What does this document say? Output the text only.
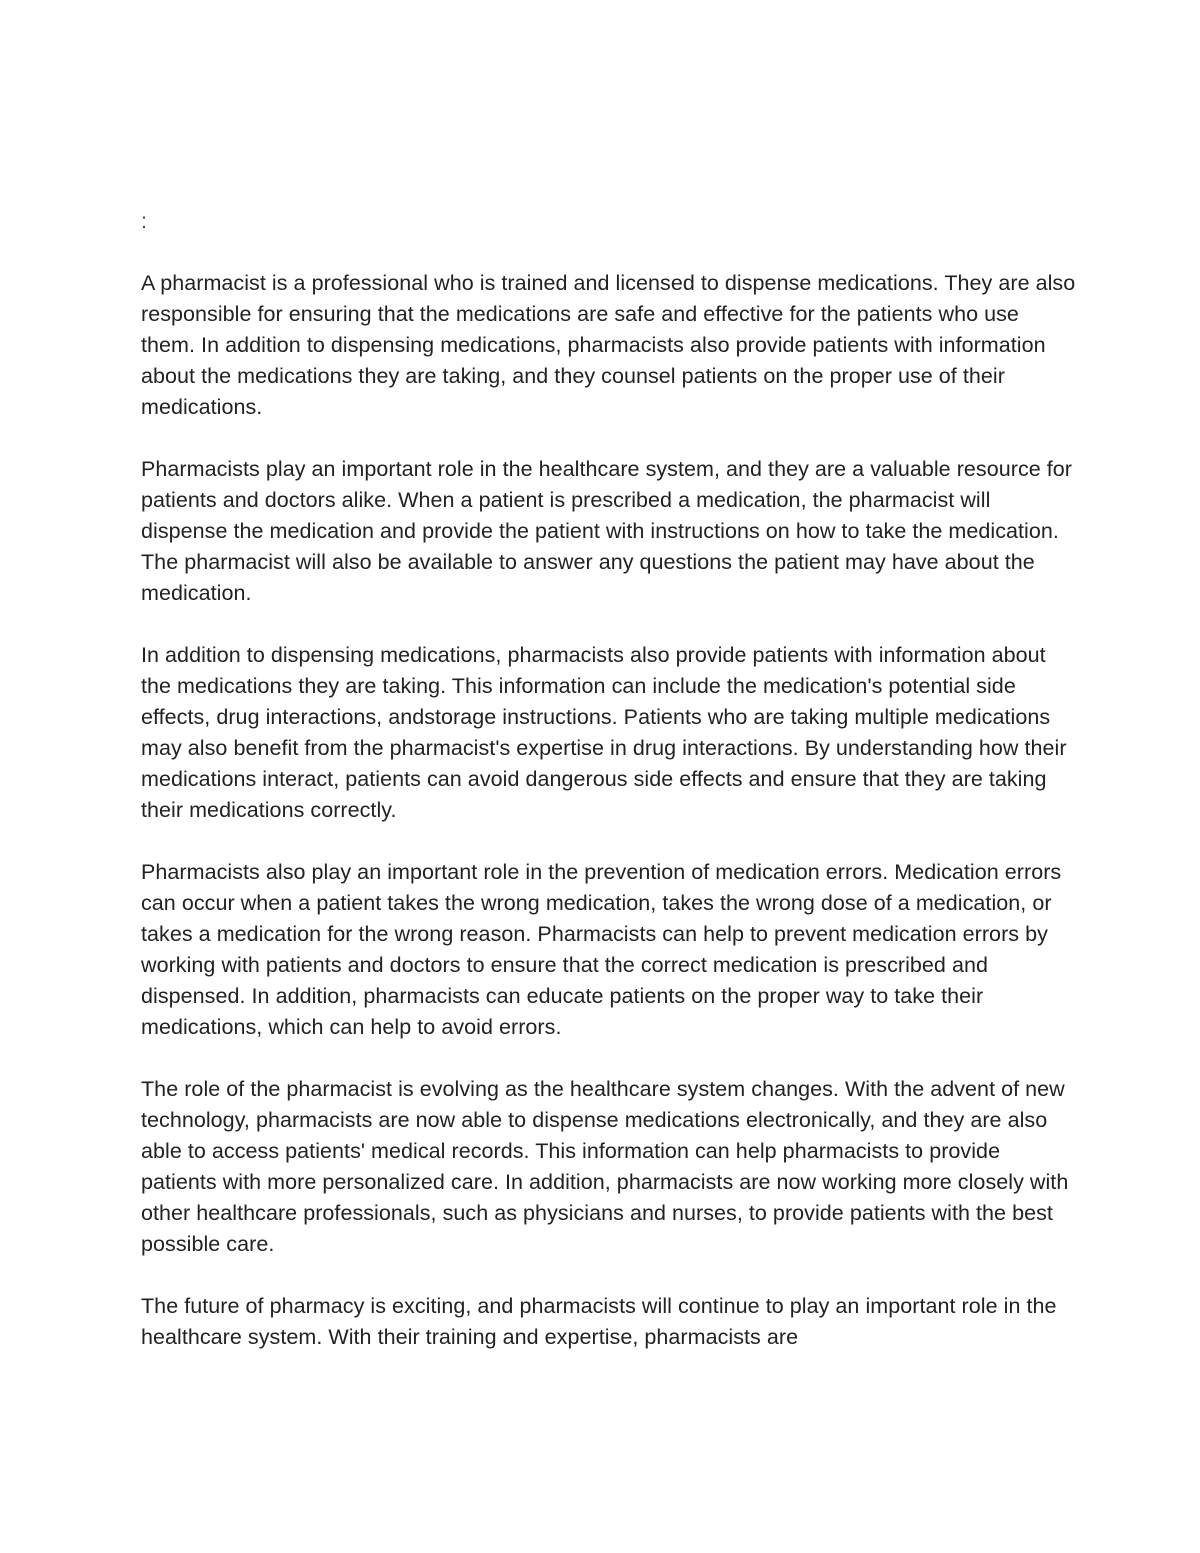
:

A pharmacist is a professional who is trained and licensed to dispense medications. They are also responsible for ensuring that the medications are safe and effective for the patients who use them. In addition to dispensing medications, pharmacists also provide patients with information about the medications they are taking, and they counsel patients on the proper use of their medications.

Pharmacists play an important role in the healthcare system, and they are a valuable resource for patients and doctors alike. When a patient is prescribed a medication, the pharmacist will dispense the medication and provide the patient with instructions on how to take the medication. The pharmacist will also be available to answer any questions the patient may have about the medication.

In addition to dispensing medications, pharmacists also provide patients with information about the medications they are taking. This information can include the medication's potential side effects, drug interactions, andstorage instructions. Patients who are taking multiple medications may also benefit from the pharmacist's expertise in drug interactions. By understanding how their medications interact, patients can avoid dangerous side effects and ensure that they are taking their medications correctly.

Pharmacists also play an important role in the prevention of medication errors. Medication errors can occur when a patient takes the wrong medication, takes the wrong dose of a medication, or takes a medication for the wrong reason. Pharmacists can help to prevent medication errors by working with patients and doctors to ensure that the correct medication is prescribed and dispensed. In addition, pharmacists can educate patients on the proper way to take their medications, which can help to avoid errors.

The role of the pharmacist is evolving as the healthcare system changes. With the advent of new technology, pharmacists are now able to dispense medications electronically, and they are also able to access patients' medical records. This information can help pharmacists to provide patients with more personalized care. In addition, pharmacists are now working more closely with other healthcare professionals, such as physicians and nurses, to provide patients with the best possible care.

The future of pharmacy is exciting, and pharmacists will continue to play an important role in the healthcare system. With their training and expertise, pharmacists are
